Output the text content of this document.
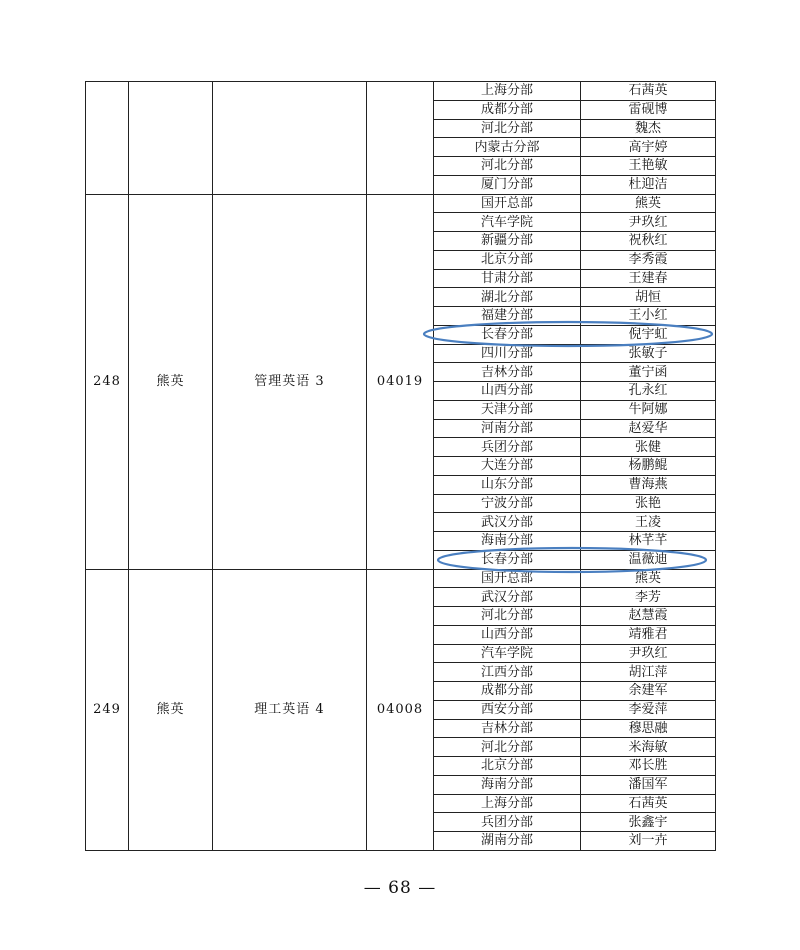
				上海分部	石茜英
				成都分部	雷砚博
				河北分部	魏杰
				内蒙古分部	高宇婷
				河北分部	王艳敏
				厦门分部	杜迎洁
248	熊英	管理英语 3	04019	国开总部	熊英
				汽车学院	尹玖红
				新疆分部	祝秋红
				北京分部	李秀霞
				甘肃分部	王建春
				湖北分部	胡恒
				福建分部	王小红
				长春分部	倪宇虹
				四川分部	张敏子
				吉林分部	董宁函
				山西分部	孔永红
				天津分部	牛阿娜
				河南分部	赵爱华
				兵团分部	张健
				大连分部	杨鹏鲲
				山东分部	曹海燕
				宁波分部	张艳
				武汉分部	王凌
				海南分部	林芊芊
				长春分部	温薇迪
249	熊英	理工英语 4	04008	国开总部	熊英
				武汉分部	李芳
				河北分部	赵慧霞
				山西分部	靖雅君
				汽车学院	尹玖红
				江西分部	胡江萍
				成都分部	余建军
				西安分部	李爱萍
				吉林分部	穆思融
				河北分部	米海敏
				北京分部	邓长胜
				海南分部	潘国军
				上海分部	石茜英
				兵团分部	张鑫宇
				湖南分部	刘一卉
— 68 —
